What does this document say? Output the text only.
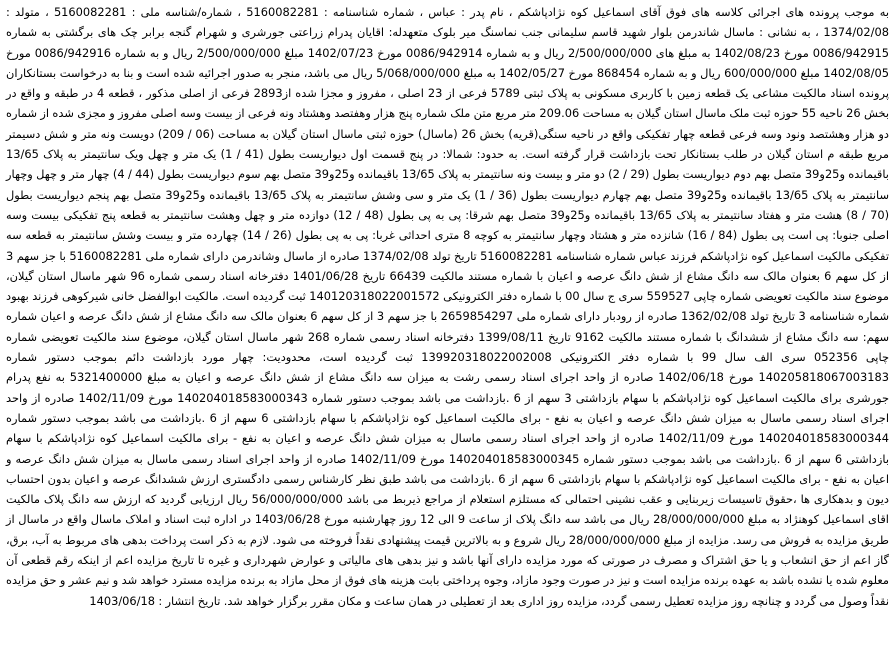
به موجب پرونده های اجرائی کلاسه های فوق آقای اسماعیل کوه نژادپاشکم ، نام پدر : عباس ، شماره شناسنامه : 5160082281 ، شماره/شناسه ملی : 5160082281 ، متولد : 1374/02/08 ، به نشانی : ماسال شاندرمن بلوار شهید قاسم سلیمانی جنب نماسنگ میر بلوک متعهدله: اقایان پدرام زراعتی جورشری و شهرام گنجه برابر چک های برگشتی به شماره 0086/942915 مورخ 1402/08/23 به مبلغ های 2/500/000/000 ریال و به شماره 0086/942914 مورخ 1402/07/23 مبلغ 2/500/000/000 ریال و به شماره 0086/942916 مورخ 1402/08/05 مبلغ 600/000/000 ریال و به شماره 868454 مورخ 1402/05/27 به مبلغ 5/068/000/000 ریال می باشد، منجر به صدور اجرائیه شده است و بنا به درخواست بستانکاران پرونده اسناد مالکیت مشاعی یک قطعه زمین با کاربری مسکونی به پلاک ثبتی 5789 فرعی از 23 اصلی ، مفروز و مجزا شده از2893 فرعی از اصلی مذکور ، قطعه 4 در طبقه و واقع در بخش 26 ناحیه 55 حوزه ثبت ملک ماسال استان گیلان به مساحت 209.06 متر مربع متن ملک شماره پنج هزار وهفتصد وهشتاد ونه فرعی از بیست وسه اصلی مفروز و مجزی شده از شماره دو هزار وهشتصد ونود وسه فرعی قطعه چهار تفکیکی واقع در ناحیه سنگی(قریه) بخش 26 (ماسال) حوزه ثبتی ماسال استان گیلان به مساحت (06 / 209) دویست ونه متر و شش دسیمتر مربع طبقه م استان گیلان در طلب بستانکار تحت بازداشت قرار گرفته است. به حدود: شمالا: در پنج قسمت اول دیواریست بطول (41 / 1) یک متر و چهل ویک سانتیمتر به پلاک 13/65 باقیمانده و25و39 متصل بهم دوم دیواریست بطول (29 / 2) دو متر و بیست ونه سانتیمتر به پلاک 13/65 باقیمانده و25و39 متصل بهم سوم دیواریست بطول (44 / 4) چهار متر و چهل وچهار سانتیمتر به پلاک 13/65 باقیمانده و25و39 متصل بهم چهارم دیواریست بطول (36 / 1) یک متر و سی وشش سانتیمتر به پلاک 13/65 باقیمانده و25و39 متصل بهم پنجم دیواریست بطول (70 / 8) هشت متر و هفتاد سانتیمتر به پلاک 13/65 باقیمانده و25و39 متصل بهم شرقا: پی به پی بطول (48 / 12) دوازده متر و چهل وهشت سانتیمتر به قطعه پنج تفکیکی بیست وسه اصلی جنوبا: پی است پی بطول (84 / 16) شانزده متر و هشتاد وچهار سانتیمتر به کوچه 8 متری احداثی غربا: پی به پی بطول (26 / 14) چهارده متر و بیست وشش سانتیمتر به قطعه سه تفکیکی مالکیت اسماعیل کوه نژادپاشکم فرزند عباس شماره شناسنامه 5160082281 تاریخ تولد 1374/02/08 صادره از ماسال وشاندرمن دارای شماره ملی 5160082281 با جز سهم 3 از کل سهم 6 بعنوان مالک سه دانگ مشاع از شش دانگ عرصه و اعیان با شماره مستند مالکیت 66439 تاریخ 1401/06/28 دفترخانه اسناد رسمی شماره 96 شهر ماسال استان گیلان، موضوع سند مالکیت تعویضی شماره چاپی 559527 سری ج سال 00 با شماره دفتر الکترونیکی 140120318022001572 ثبت گردیده است. مالکیت ابوالفضل خانی شیرکوهی فرزند بهبود شماره شناسنامه 3 تاریخ تولد 1362/02/08 صادره از رودبار دارای شماره ملی 2659854297 با جز سهم 3 از کل سهم 6 بعنوان مالک سه دانگ مشاع از شش دانگ عرصه و اعیان شماره سهم: سه دانگ مشاع از ششدانگ با شماره مستند مالکیت 9162 تاریخ 1399/08/11 دفترخانه اسناد رسمی شماره 268 شهر ماسال استان گیلان، موضوع سند مالکیت تعویضی شماره چاپی 052356 سری الف سال 99 با شماره دفتر الکترونیکی 139920318022002008 ثبت گردیده است، محدودیت: چهار مورد بازداشت دائم بموجب دستور شماره 140205818067003183 مورخ 1402/06/18 صادره از واحد اجرای اسناد رسمی رشت به میزان سه دانگ مشاع از شش دانگ عرصه و اعیان به مبلغ 5321400000 به نفع پدرام جورشری برای مالکیت اسماعیل کوه نژادپاشکم با سهام بازداشتی 3 سهم از 6 .بازداشت می باشد بموجب دستور شماره 140204018583000343 مورخ 1402/11/09 صادره از واحد اجرای اسناد رسمی ماسال به میزان شش دانگ عرصه و اعیان به نفع - برای مالکیت اسماعیل کوه نژادپاشکم با سهام بازداشتی 6 سهم از 6 .بازداشت می باشد بموجب دستور شماره 140204018583000344 مورخ 1402/11/09 صادره از واحد اجرای اسناد رسمی ماسال به میزان شش دانگ عرصه و اعیان به نفع - برای مالکیت اسماعیل کوه نژادپاشکم با سهام بازداشتی 6 سهم از 6 .بازداشت می باشد بموجب دستور شماره 140204018583000345 مورخ 1402/11/09 صادره از واحد اجرای اسناد رسمی ماسال به میزان شش دانگ عرصه و اعیان به نفع - برای مالکیت اسماعیل کوه نژادپاشکم با سهام بازداشتی 6 سهم از 6 .بازداشت می باشد طبق نظر کارشناس رسمی دادگستری ارزش ششدانگ عرصه و اعیان بدون احتساب دیون و بدهکاری ها ،حقوق تاسیسات زیربنایی و عقب نشینی احتمالی که مستلزم استعلام از مراجع ذیربط می باشد 56/000/000/000 ریال ارزیابی گردید که ارزش سه دانگ پلاک مالکیت اقای اسماعیل کوهنژاد به مبلغ 28/000/000/000 ریال می باشد سه دانگ پلاک از ساعت 9 الی 12 روز چهارشنبه مورخ 1403/06/28 در اداره ثبت اسناد و املاک ماسال واقع در ماسال از طریق مزایده به فروش می رسد. مزایده از مبلغ 28/000/000/000 ریال شروع و به بالاترین قیمت پیشنهادی نقداً فروخته می شود. لازم به ذکر است پرداخت بدهی های مربوط به آب، برق، گاز اعم از حق انشعاب و یا حق اشتراک و مصرف در صورتی که مورد مزایده دارای آنها باشد و نیز بدهی های مالیاتی و عوارض شهرداری و غیره تا تاریخ مزایده اعم از اینکه رقم قطعی آن معلوم شده یا نشده باشد به عهده برنده مزایده است و نیز در صورت وجود مازاد، وجوه پرداختی بابت هزینه های فوق از محل مازاد به برنده مزایده مسترد خواهد شد و نیم عشر و حق مزایده نقداً وصول می گردد و چنانچه روز مزایده تعطیل رسمی گردد، مزایده روز اداری بعد از تعطیلی در همان ساعت و مکان مقرر برگزار خواهد شد. تاریخ انتشار : 1403/06/18
